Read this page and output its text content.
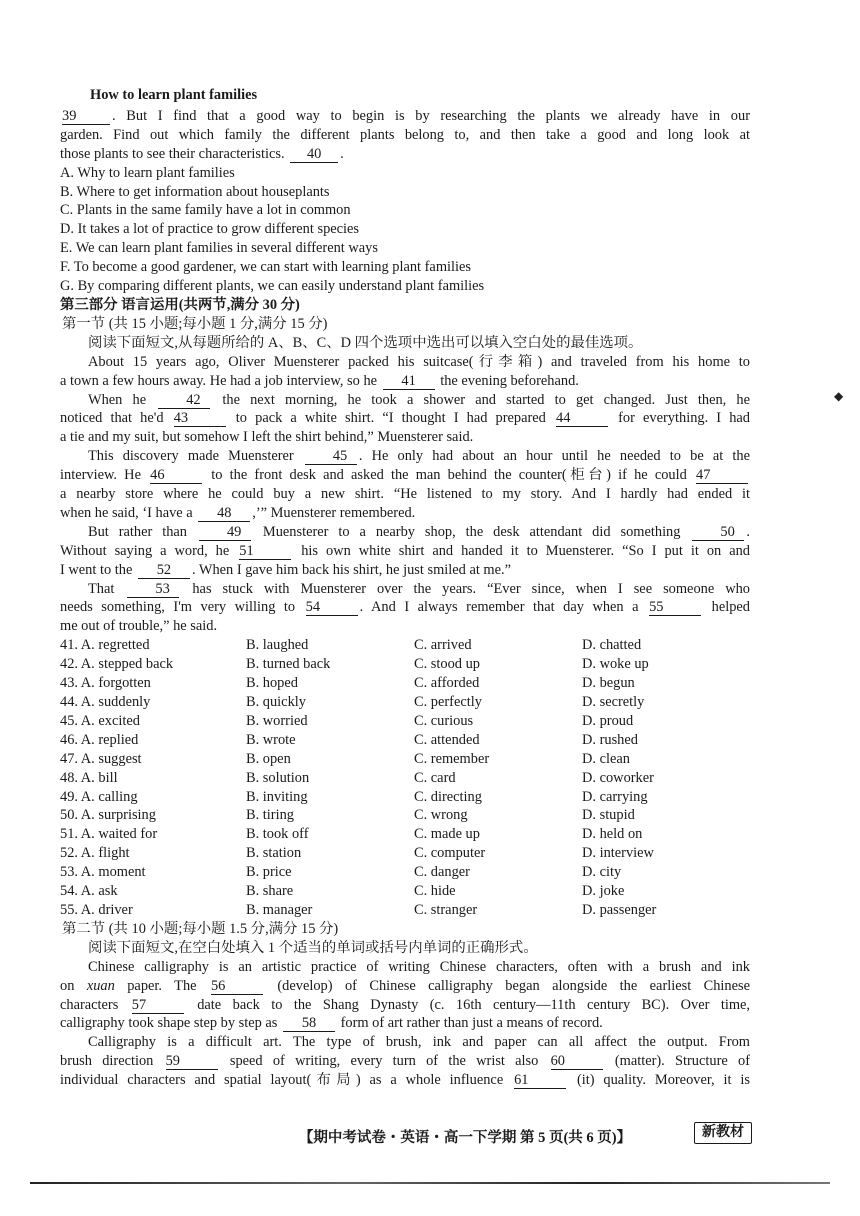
How to learn plant families
39 . But I find that a good way to begin is by researching the plants we already have in our
garden. Find out which family the different plants belong to, and then take a good and long look at
those plants to see their characteristics. 40 .
A. Why to learn plant families
B. Where to get information about houseplants
C. Plants in the same family have a lot in common
D. It takes a lot of practice to grow different species
E. We can learn plant families in several different ways
F. To become a good gardener, we can start with learning plant families
G. By comparing different plants, we can easily understand plant families
第三部分 语言运用(共两节,满分 30 分)
第一节 (共 15 小题;每小题 1 分,满分 15 分)
阅读下面短文,从每题所给的 A、B、C、D 四个选项中选出可以填入空白处的最佳选项。
About 15 years ago, Oliver Muensterer packed his suitcase(行李箱) and traveled from his home to
a town a few hours away. He had a job interview, so he 41 the evening beforehand.
When he 42 the next morning, he took a shower and started to get changed. Just then, he
noticed that he'd 43	to pack a white shirt. “I thought I had prepared 44	for everything. I had
a tie and my suit, but somehow I left the shirt behind,” Muensterer said.
This discovery made Muensterer 45 . He only had about an hour until he needed to be at the
interview. He 46	to the front desk and asked the man behind the counter(柜台) if he could 47
a nearby store where he could buy a new shirt. “He listened to my story. And I hardly had ended it
when he said, ‘I have a 48 ,’” Muensterer remembered.
But rather than 49 Muensterer to a nearby shop, the desk attendant did something 50 .
Without saying a word, he 51	his own white shirt and handed it to Muensterer. “So I put it on and
I went to the 52 . When I gave him back his shirt, he just smiled at me.”
That 53 has stuck with Muensterer over the years. “Ever since, when I see someone who
needs something, I'm very willing to 54	. And I always remember that day when a 55	helped
me out of trouble,” he said.
41. A. regretted	B. laughed	C. arrived	D. chatted
42. A. stepped back	B. turned back	C. stood up	D. woke up
43. A. forgotten	B. hoped	C. afforded	D. begun
44. A. suddenly	B. quickly	C. perfectly	D. secretly
45. A. excited	B. worried	C. curious	D. proud
46. A. replied	B. wrote	C. attended	D. rushed
47. A. suggest	B. open	C. remember	D. clean
48. A. bill	B. solution	C. card	D. coworker
49. A. calling	B. inviting	C. directing	D. carrying
50. A. surprising	B. tiring	C. wrong	D. stupid
51. A. waited for	B. took off	C. made up	D. held on
52. A. flight	B. station	C. computer	D. interview
53. A. moment	B. price	C. danger	D. city
54. A. ask	B. share	C. hide	D. joke
55. A. driver	B. manager	C. stranger	D. passenger
第二节 (共 10 小题;每小题 1.5 分,满分 15 分)
阅读下面短文,在空白处填入 1 个适当的单词或括号内单词的正确形式。
Chinese calligraphy is an artistic practice of writing Chinese characters, often with a brush and ink
on xuan paper. The 56	(develop) of Chinese calligraphy began alongside the earliest Chinese
characters 57	date back to the Shang Dynasty (c. 16th century—11th century BC). Over time,
calligraphy took shape step by step as 58 form of art rather than just a means of record.
Calligraphy is a difficult art. The type of brush, ink and paper can all affect the output. From
brush direction 59	speed of writing, every turn of the wrist also 60	(matter). Structure of
individual characters and spatial layout(布局) as a whole influence 61	(it) quality. Moreover, it is
◆
【期中考试卷・英语・高一下学期 第 5 页(共 6 页)】	新教材
